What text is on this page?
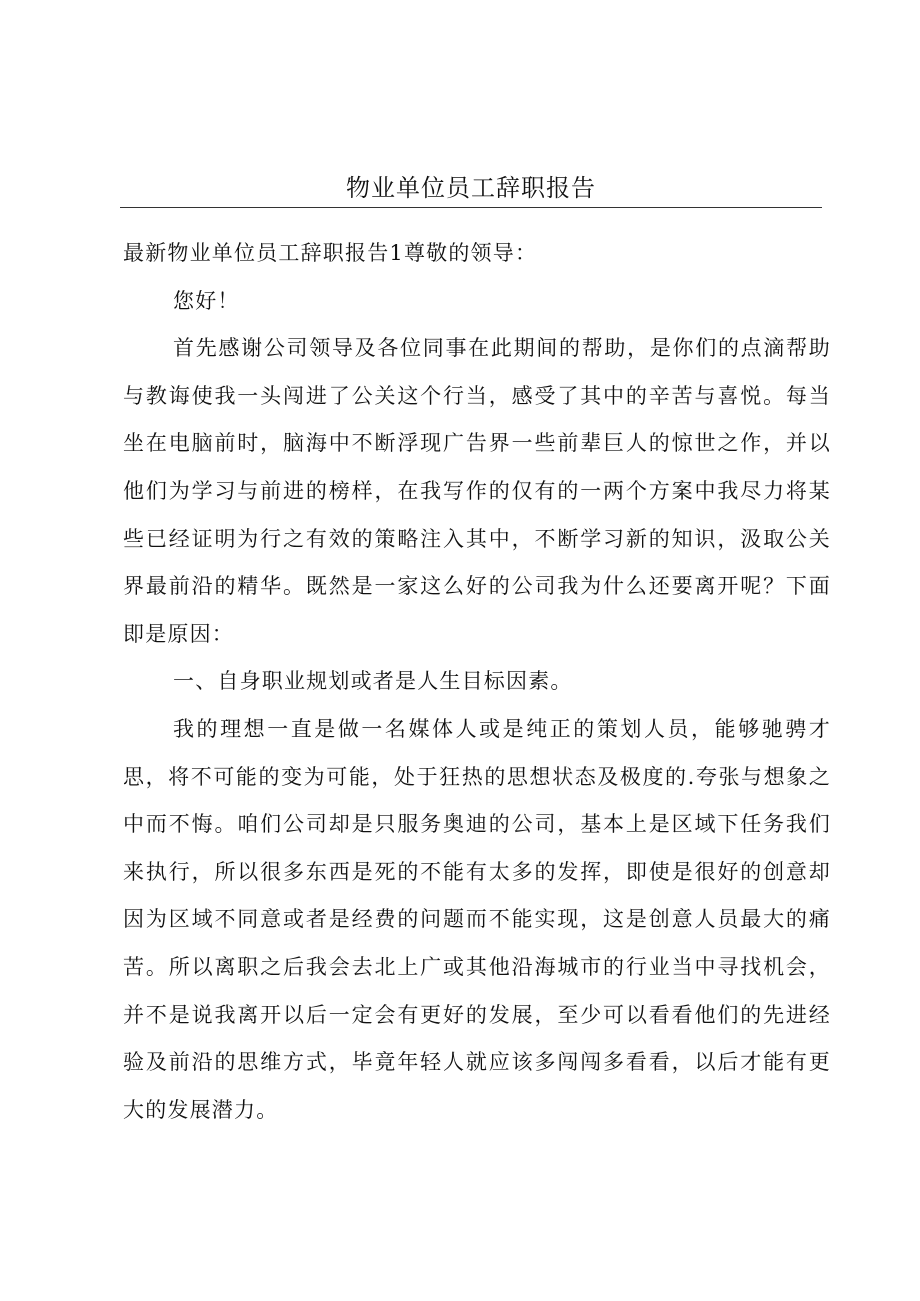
物业单位员工辞职报告

最新物业单位员工辞职报告1尊敬的领导：

您好！

首先感谢公司领导及各位同事在此期间的帮助，是你们的点滴帮助与教诲使我一头闯进了公关这个行当，感受了其中的辛苦与喜悦。每当坐在电脑前时，脑海中不断浮现广告界一些前辈巨人的惊世之作，并以他们为学习与前进的榜样，在我写作的仅有的一两个方案中我尽力将某些已经证明为行之有效的策略注入其中，不断学习新的知识，汲取公关界最前沿的精华。既然是一家这么好的公司我为什么还要离开呢？下面即是原因：

一、自身职业规划或者是人生目标因素。

我的理想一直是做一名媒体人或是纯正的策划人员，能够驰骋才思，将不可能的变为可能，处于狂热的思想状态及极度的.夸张与想象之中而不悔。咱们公司却是只服务奥迪的公司，基本上是区域下任务我们来执行，所以很多东西是死的不能有太多的发挥，即使是很好的创意却因为区域不同意或者是经费的问题而不能实现，这是创意人员最大的痛苦。所以离职之后我会去北上广或其他沿海城市的行业当中寻找机会，并不是说我离开以后一定会有更好的发展，至少可以看看他们的先进经验及前沿的思维方式，毕竟年轻人就应该多闯闯多看看，以后才能有更大的发展潜力。
